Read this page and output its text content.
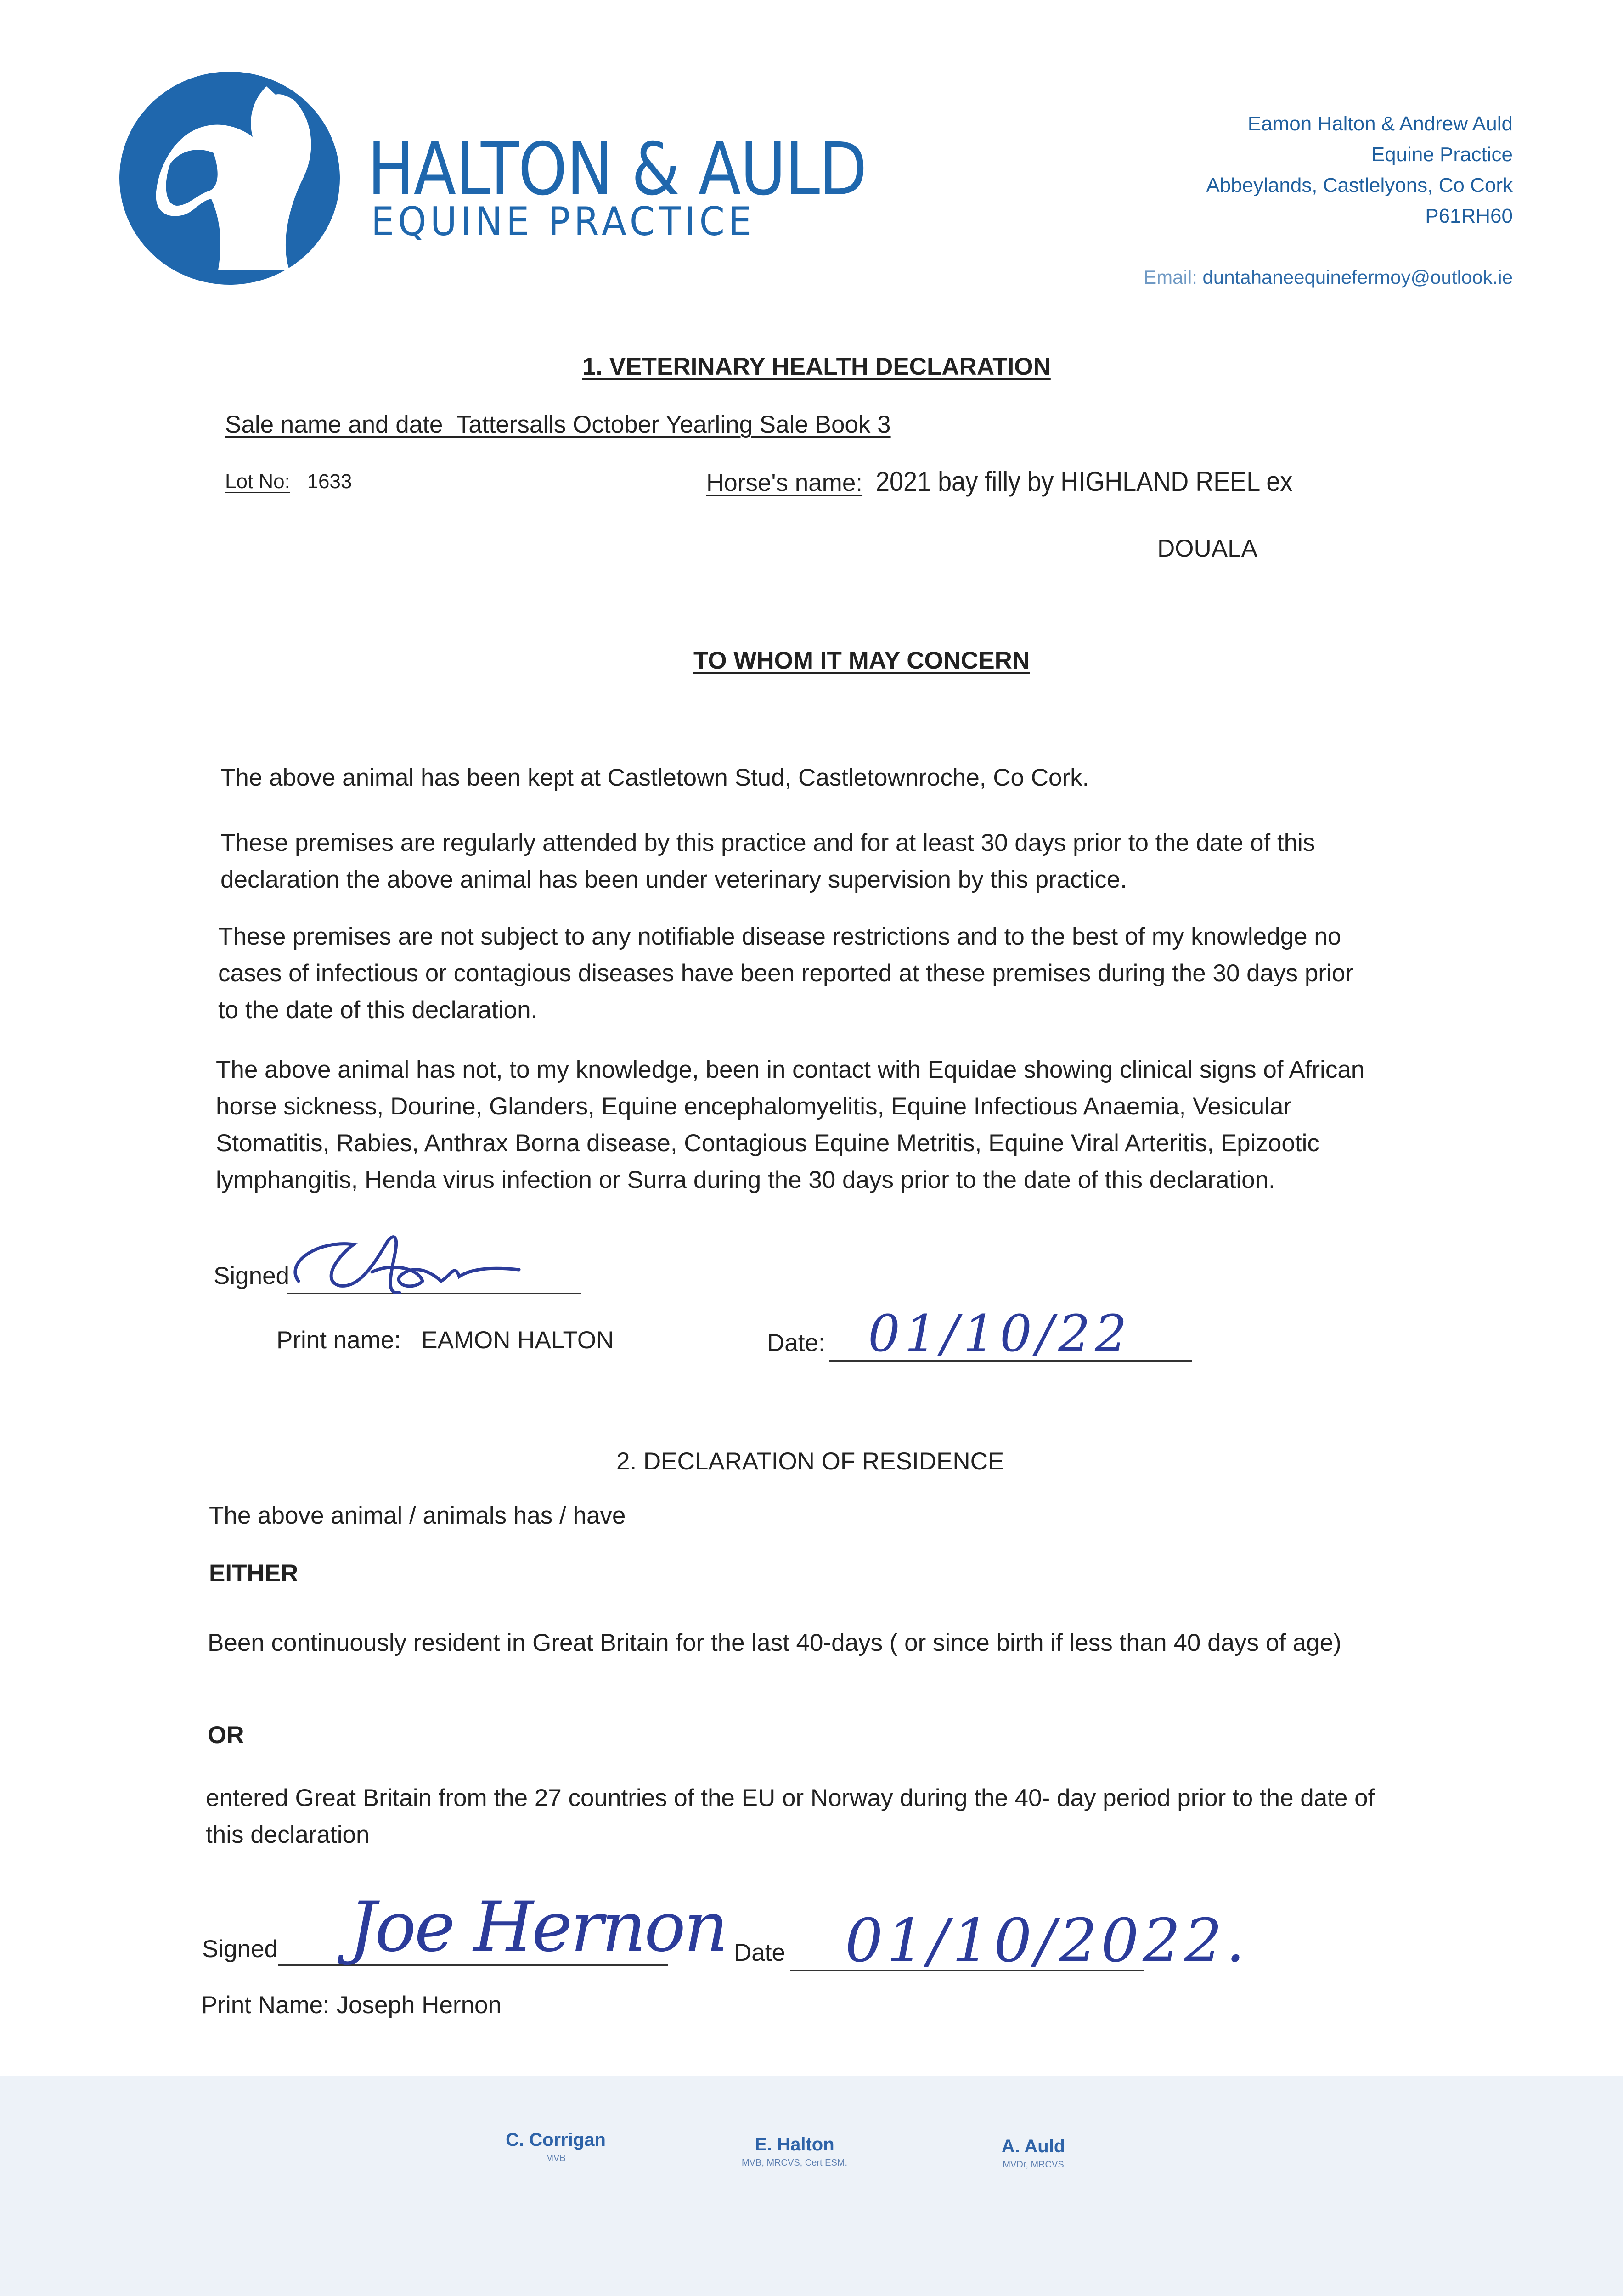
HALTON & AULD
EQUINE PRACTICE
Eamon Halton & Andrew Auld
Equine Practice
Abbeylands, Castlelyons, Co Cork
P61RH60
Email: duntahaneequinefermoy@outlook.ie
1. VETERINARY HEALTH DECLARATION
Sale name and date Tattersalls October Yearling Sale Book 3
Lot No: 1633	Horse's name: 2021 bay filly by HIGHLAND REEL ex
DOUALA
TO WHOM IT MAY CONCERN
The above animal has been kept at Castletown Stud, Castletownroche, Co Cork.
These premises are regularly attended by this practice and for at least 30 days prior to the date of this declaration the above animal has been under veterinary supervision by this practice.
These premises are not subject to any notifiable disease restrictions and to the best of my knowledge no cases of infectious or contagious diseases have been reported at these premises during the 30 days prior to the date of this declaration.
The above animal has not, to my knowledge, been in contact with Equidae showing clinical signs of African horse sickness, Dourine, Glanders, Equine encephalomyelitis, Equine Infectious Anaemia, Vesicular Stomatitis, Rabies, Anthrax Borna disease, Contagious Equine Metritis, Equine Viral Arteritis, Epizootic lymphangitis, Henda virus infection or Surra during the 30 days prior to the date of this declaration.
Signed
Print name: EAMON HALTON	Date: 01/10/22
2. DECLARATION OF RESIDENCE
The above animal / animals has / have
EITHER
Been continuously resident in Great Britain for the last 40-days ( or since birth if less than 40 days of age)
OR
entered Great Britain from the 27 countries of the EU or Norway during the 40- day period prior to the date of this declaration
Signed Joe Hernon Date 01/10/2022.
Print Name: Joseph Hernon
C. Corrigan
MVB
E. Halton
MVB, MRCVS, Cert ESM.
A. Auld
MVDr, MRCVS
